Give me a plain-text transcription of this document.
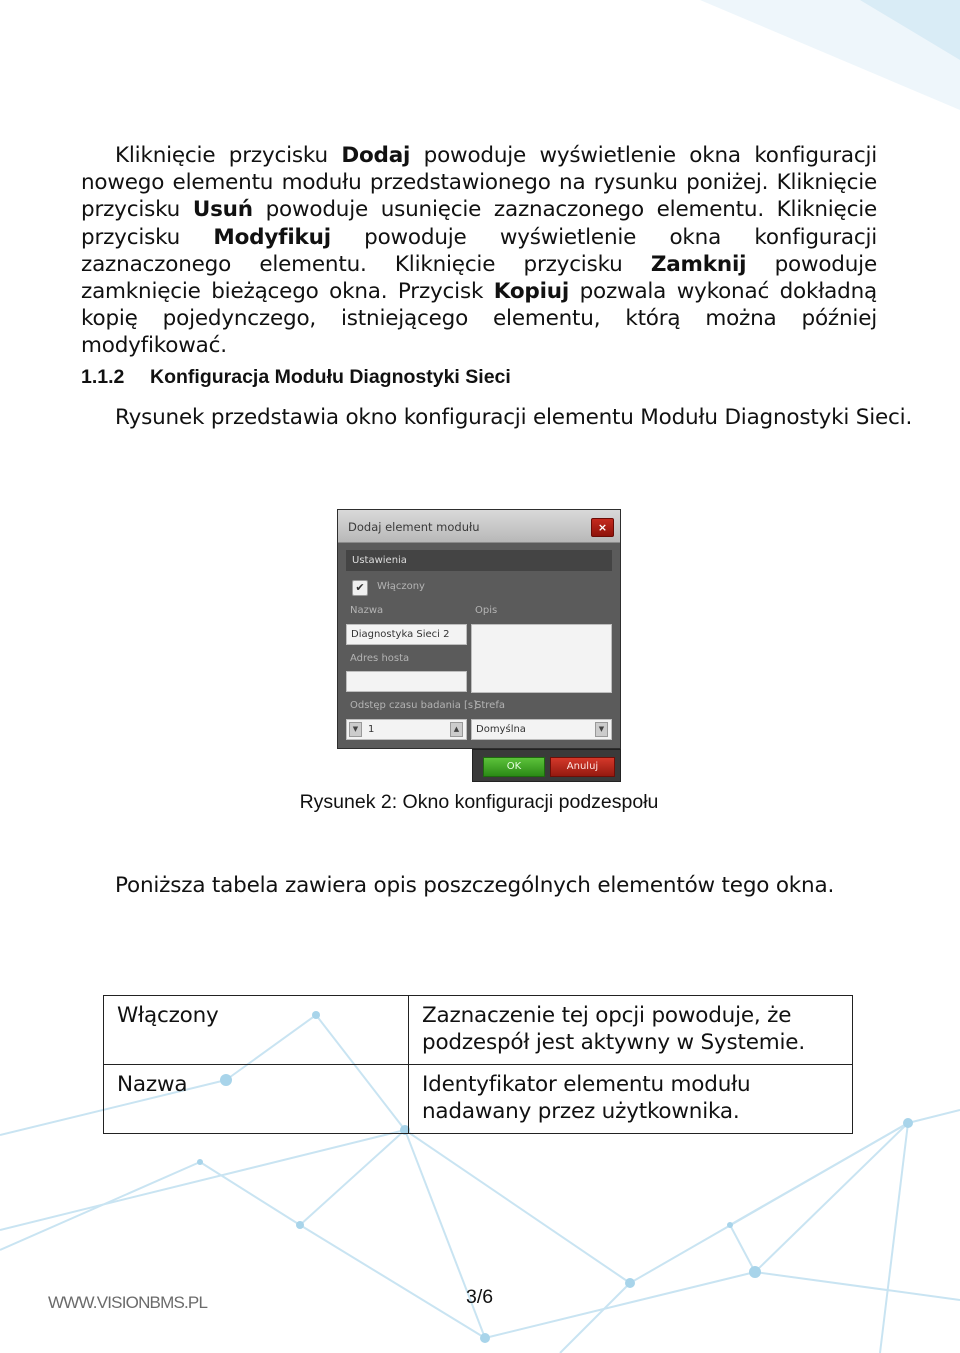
Kliknięcie przycisku Dodaj powoduje wyświetlenie okna konfiguracji nowego elementu modułu przedstawionego na rysunku poniżej. Kliknięcie przycisku Usuń powoduje usunięcie zaznaczonego elementu. Kliknięcie przycisku Modyfikuj powoduje wyświetlenie okna konfiguracji zaznaczonego elementu. Kliknięcie przycisku Zamknij powoduje zamknięcie bieżącego okna. Przycisk Kopiuj pozwala wykonać dokładną kopię pojedynczego, istniejącego elementu, którą można później modyfikować.
1.1.2 Konfiguracja Modułu Diagnostyki Sieci
Rysunek przedstawia okno konfiguracji elementu Modułu Diagnostyki Sieci.
Dodaj element modułu	×
Ustawienia
✔	Włączony
Nazwa	Opis
Diagnostyka Sieci 2
Adres hosta
Odstęp czasu badania [s]
Strefa
▼ 1	▲	Domyślna	▼
OK	Anuluj
Rysunek 2: Okno konfiguracji podzespołu
Poniższa tabela zawiera opis poszczególnych elementów tego okna.
Włączony	Zaznaczenie tej opcji powoduje, że podzespół jest aktywny w Systemie.
Nazwa	Identyfikator elementu modułu nadawany przez użytkownika.
WWW.VISIONBMS.PL	3/6
